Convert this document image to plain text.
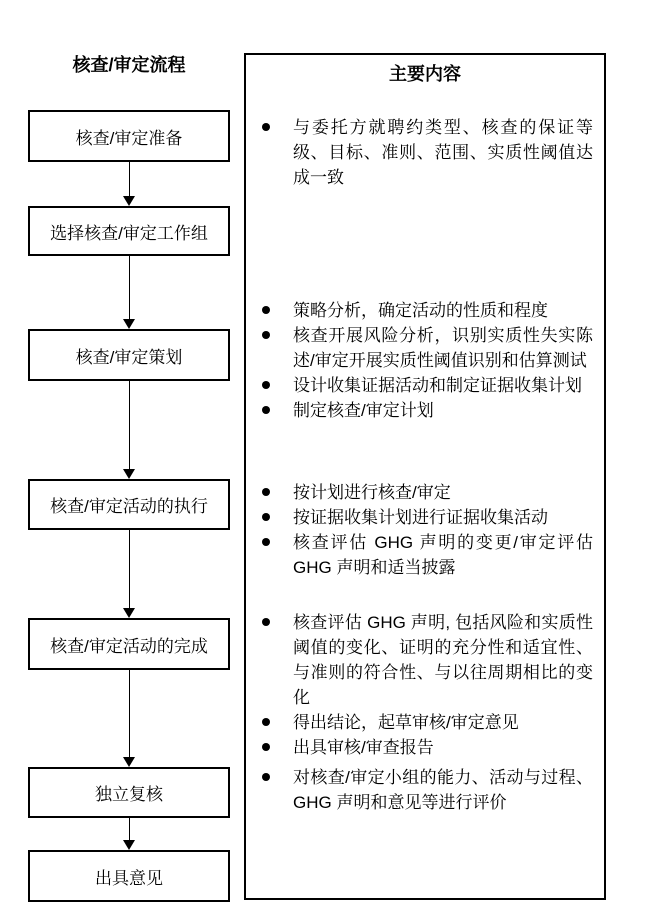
核查/审定流程
核查/审定准备
选择核查/审定工作组
核查/审定策划
核查/审定活动的执行
核查/审定活动的完成
独立复核
出具意见
主要内容
与委托方就聘约类型、核查的保证等级、目标、准则、范围、实质性阈值达成一致
策略分析，确定活动的性质和程度
核查开展风险分析，识别实质性失实陈述/审定开展实质性阈值识别和估算测试
设计收集证据活动和制定证据收集计划
制定核查/审定计划
按计划进行核查/审定
按证据收集计划进行证据收集活动
核查评估 GHG 声明的变更/审定评估 GHG 声明和适当披露
核查评估 GHG 声明, 包括风险和实质性阈值的变化、证明的充分性和适宜性、与准则的符合性、与以往周期相比的变化
得出结论，起草审核/审定意见
出具审核/审查报告
对核查/审定小组的能力、活动与过程、GHG 声明和意见等进行评价
